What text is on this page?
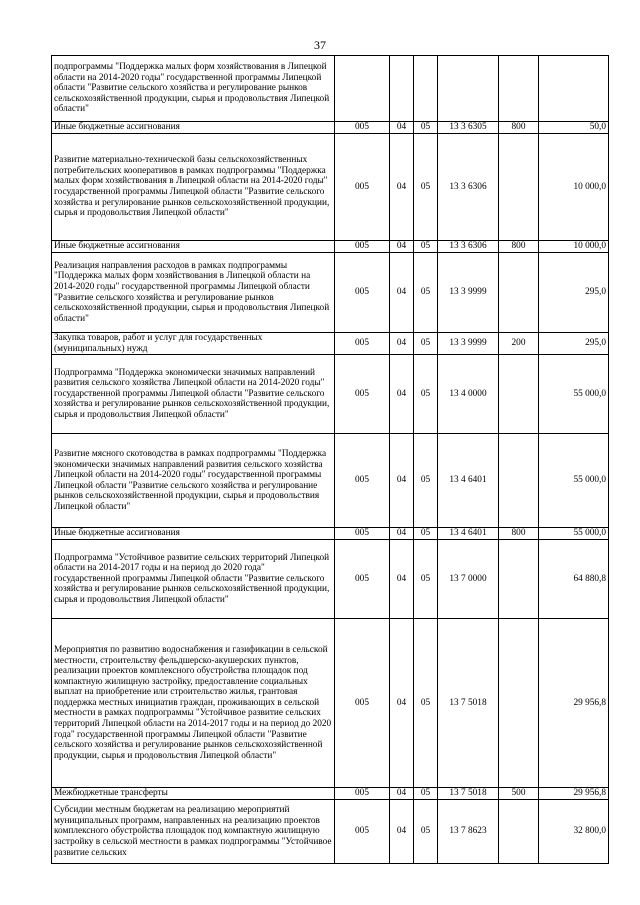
37
подпрограммы "Поддержка малых форм хозяйствования в Липецкой области на 2014-2020 годы" государственной программы Липецкой области "Развитие сельского хозяйства и регулирование рынков сельскохозяйственной продукции, сырья и продовольствия Липецкой области"						
Иные бюджетные ассигнования	005	04	05	13 3 6305	800	50,0
Развитие материально-технической базы сельскохозяйственных потребительских кооперативов в рамках подпрограммы "Поддержка малых форм хозяйствования в Липецкой области на 2014-2020 годы" государственной программы Липецкой области "Развитие сельского хозяйства и регулирование рынков сельскохозяйственной продукции, сырья и продовольствия Липецкой области"	005	04	05	13 3 6306		10 000,0
Иные бюджетные ассигнования	005	04	05	13 3 6306	800	10 000,0
Реализация направления расходов в рамках подпрограммы "Поддержка малых форм хозяйствования в Липецкой области на 2014-2020 годы" государственной программы Липецкой области "Развитие сельского хозяйства и регулирование рынков сельскохозяйственной продукции, сырья и продовольствия Липецкой области"	005	04	05	13 3 9999		295,0
Закупка товаров, работ и услуг для государственных (муниципальных) нужд	005	04	05	13 3 9999	200	295,0
Подпрограмма "Поддержка экономически значимых направлений развития сельского хозяйства Липецкой области на 2014-2020 годы" государственной программы Липецкой области "Развитие сельского хозяйства и регулирование рынков сельскохозяйственной продукции, сырья и продовольствия Липецкой области"	005	04	05	13 4 0000		55 000,0
Развитие мясного скотоводства в рамках подпрограммы "Поддержка экономически значимых направлений развития сельского хозяйства Липецкой области на 2014-2020 годы" государственной программы Липецкой области "Развитие сельского хозяйства и регулирование рынков сельскохозяйственной продукции, сырья и продовольствия Липецкой области"	005	04	05	13 4 6401		55 000,0
Иные бюджетные ассигнования	005	04	05	13 4 6401	800	55 000,0
Подпрограмма "Устойчивое развитие сельских территорий Липецкой области на 2014-2017 годы и на период до 2020 года" государственной программы Липецкой области "Развитие сельского хозяйства и регулирование рынков сельскохозяйственной продукции, сырья и продовольствия Липецкой области"	005	04	05	13 7 0000		64 880,8
Мероприятия по развитию водоснабжения и газификации в сельской местности, строительству фельдшерско-акушерских пунктов, реализации проектов комплексного обустройства площадок под компактную жилищную застройку, предоставление социальных выплат на приобретение или строительство жилья, грантовая поддержка местных инициатив граждан, проживающих в сельской местности в рамках подпрограммы "Устойчивое развитие сельских территорий Липецкой области на 2014-2017 годы и на период до 2020 года" государственной программы Липецкой области "Развитие сельского хозяйства и регулирование рынков сельскохозяйственной продукции, сырья и продовольствия Липецкой области"	005	04	05	13 7 5018		29 956,8
Межбюджетные трансферты	005	04	05	13 7 5018	500	29 956,8
Субсидии местным бюджетам на реализацию мероприятий муниципальных программ, направленных на реализацию проектов комплексного обустройства площадок под компактную жилищную застройку в сельской местности в рамках подпрограммы "Устойчивое развитие сельских	005	04	05	13 7 8623		32 800,0
